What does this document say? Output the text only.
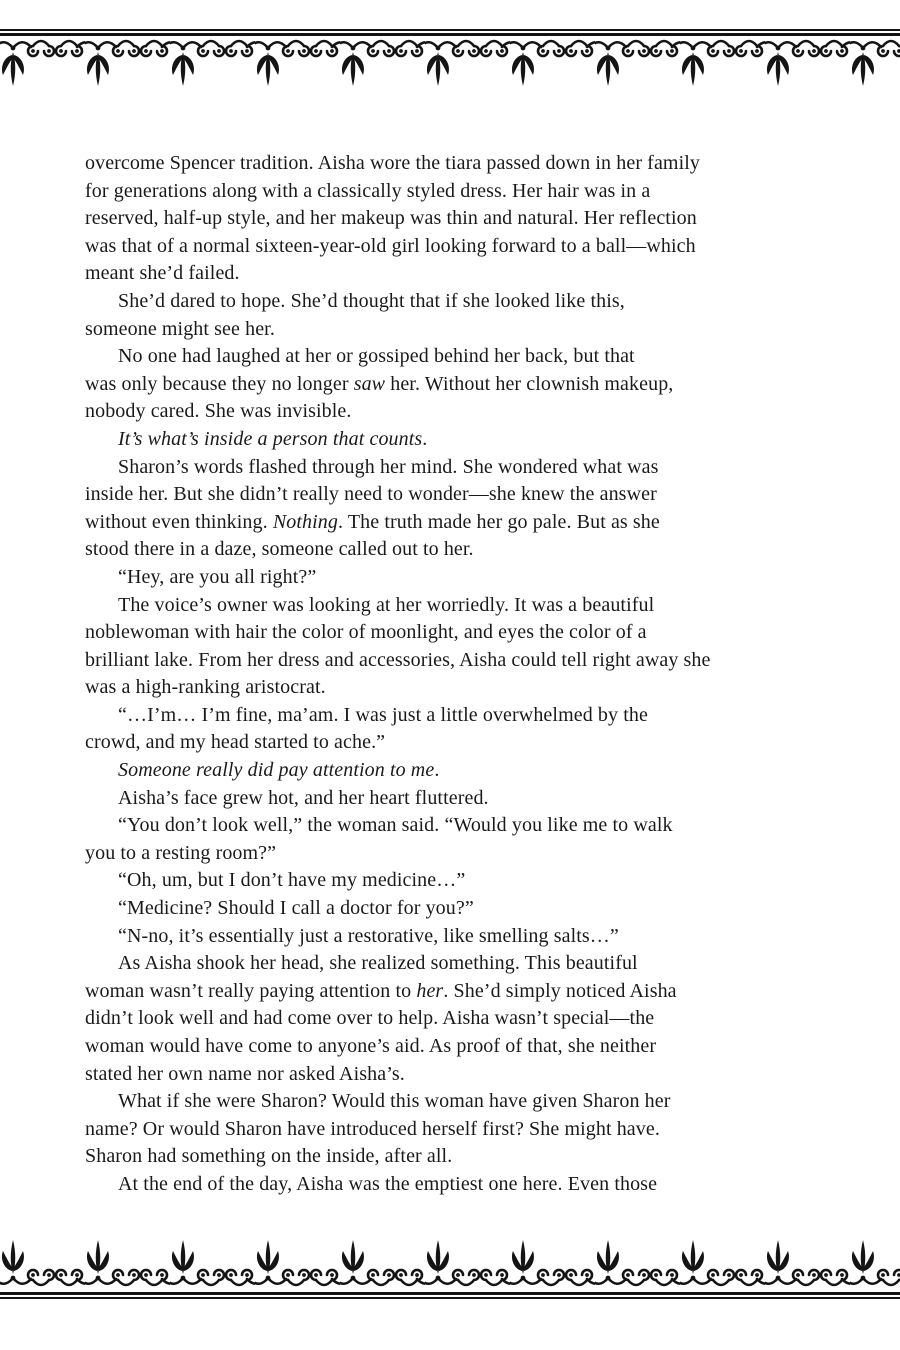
overcome Spencer tradition. Aisha wore the tiara passed down in her family
for generations along with a classically styled dress. Her hair was in a
reserved, half-up style, and her makeup was thin and natural. Her reflection
was that of a normal sixteen-year-old girl looking forward to a ball—which
meant she’d failed.

She’d dared to hope. She’d thought that if she looked like this,
someone might see her.

No one had laughed at her or gossiped behind her back, but that
was only because they no longer saw her. Without her clownish makeup,
nobody cared. She was invisible.

It’s what’s inside a person that counts.

Sharon’s words flashed through her mind. She wondered what was
inside her. But she didn’t really need to wonder—she knew the answer
without even thinking. Nothing. The truth made her go pale. But as she
stood there in a daze, someone called out to her.

“Hey, are you all right?”

The voice’s owner was looking at her worriedly. It was a beautiful
noblewoman with hair the color of moonlight, and eyes the color of a
brilliant lake. From her dress and accessories, Aisha could tell right away she
was a high-ranking aristocrat.

“…I’m… I’m fine, ma’am. I was just a little overwhelmed by the
crowd, and my head started to ache.”

Someone really did pay attention to me.

Aisha’s face grew hot, and her heart fluttered.

“You don’t look well,” the woman said. “Would you like me to walk
you to a resting room?”

“Oh, um, but I don’t have my medicine…”

“Medicine? Should I call a doctor for you?”

“N-no, it’s essentially just a restorative, like smelling salts…”

As Aisha shook her head, she realized something. This beautiful
woman wasn’t really paying attention to her. She’d simply noticed Aisha
didn’t look well and had come over to help. Aisha wasn’t special—the
woman would have come to anyone’s aid. As proof of that, she neither
stated her own name nor asked Aisha’s.

What if she were Sharon? Would this woman have given Sharon her
name? Or would Sharon have introduced herself first? She might have.
Sharon had something on the inside, after all.

At the end of the day, Aisha was the emptiest one here. Even those
